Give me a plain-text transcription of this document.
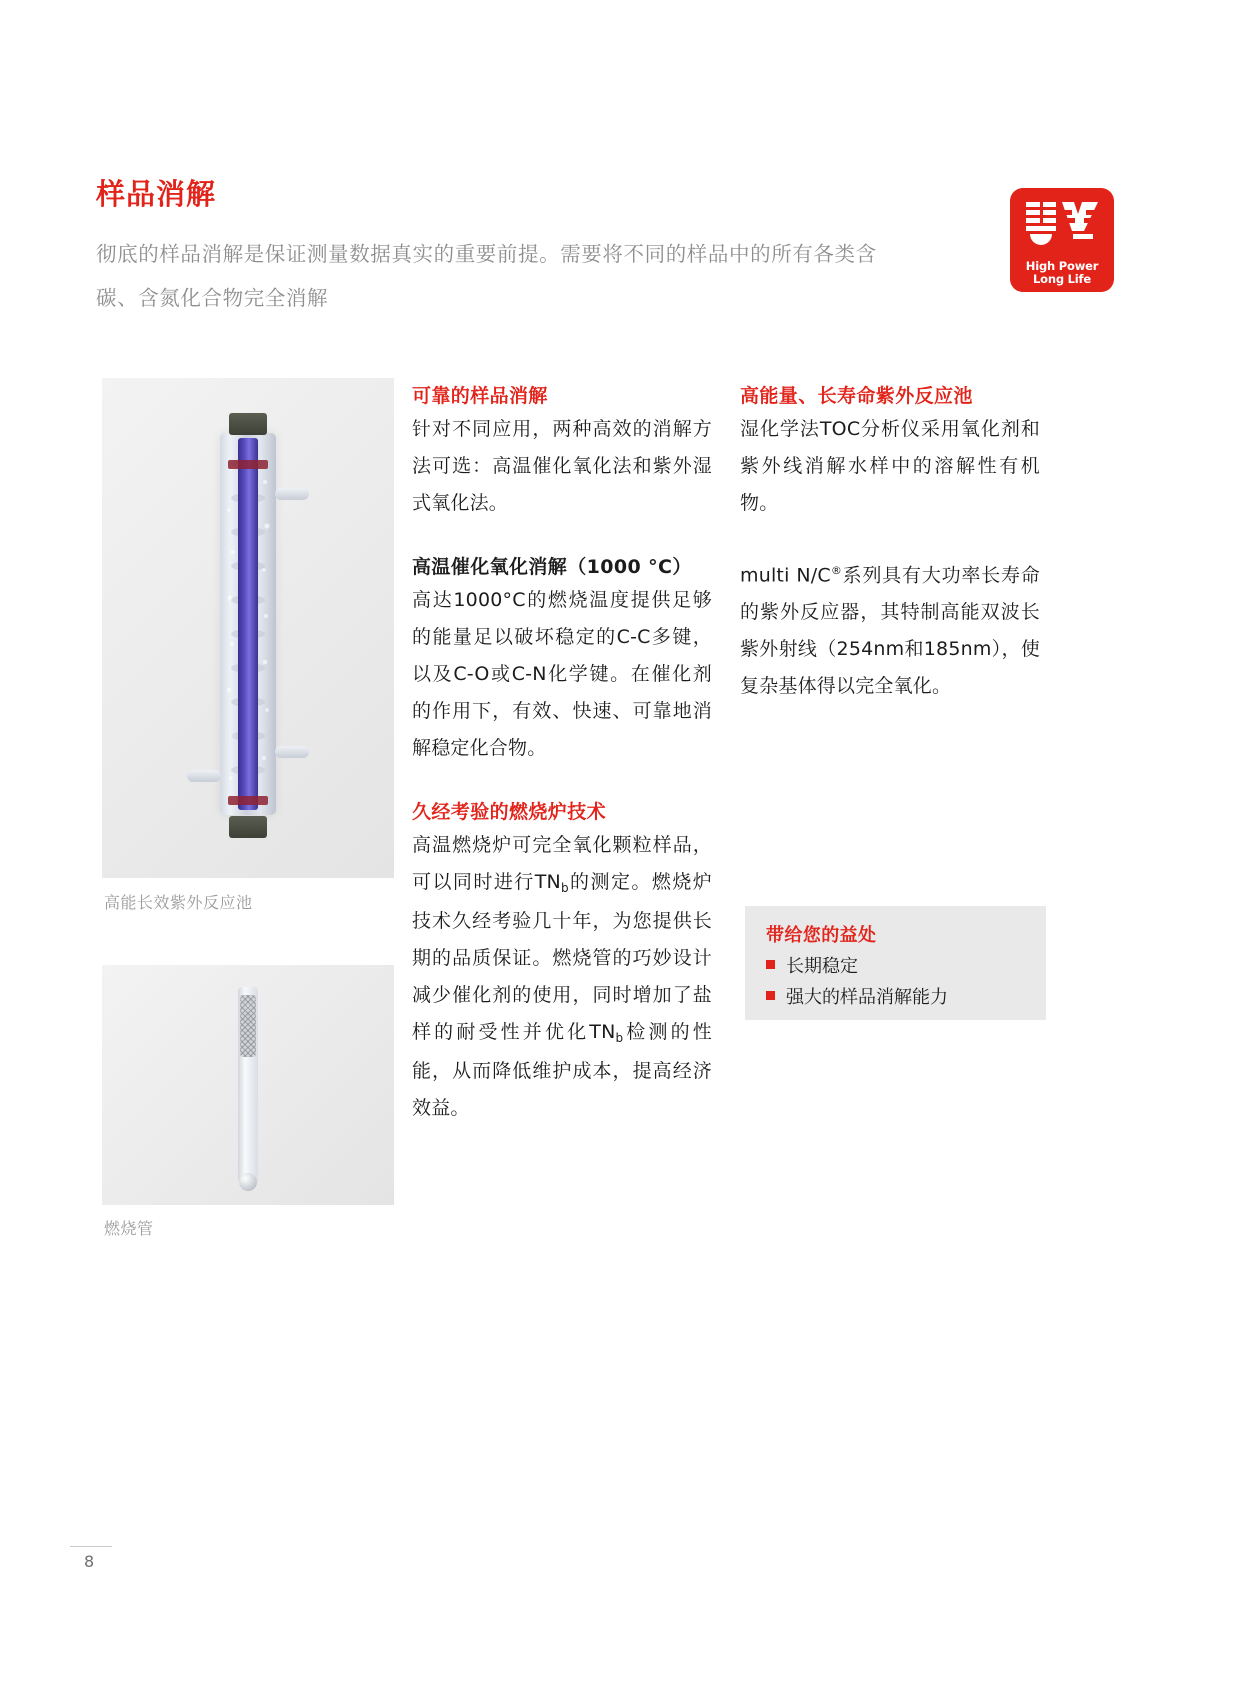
样品消解
彻底的样品消解是保证测量数据真实的重要前提。需要将不同的样品中的所有各类含碳、含氮化合物完全消解
High Power
Long Life
高能长效紫外反应池
燃烧管
可靠的样品消解
针对不同应用，两种高效的消解方法可选：高温催化氧化法和紫外湿式氧化法。
高温催化氧化消解（1000 °C）
高达1000°C的燃烧温度提供足够的能量足以破坏稳定的C-C多键，以及C-O或C-N化学键。在催化剂的作用下，有效、快速、可靠地消解稳定化合物。
久经考验的燃烧炉技术
高温燃烧炉可完全氧化颗粒样品，可以同时进行$TN_b$的测定。燃烧炉技术久经考验几十年，为您提供长期的品质保证。燃烧管的巧妙设计减少催化剂的使用，同时增加了盐样的耐受性并优化$TN_b$检测的性能，从而降低维护成本，提高经济效益。
高能量、长寿命紫外反应池
湿化学法TOC分析仪采用氧化剂和紫外线消解水样中的溶解性有机物。
multi N/C®系列具有大功率长寿命的紫外反应器，其特制高能双波长紫外射线（254nm和185nm），使复杂基体得以完全氧化。
带给您的益处
长期稳定
强大的样品消解能力
8
